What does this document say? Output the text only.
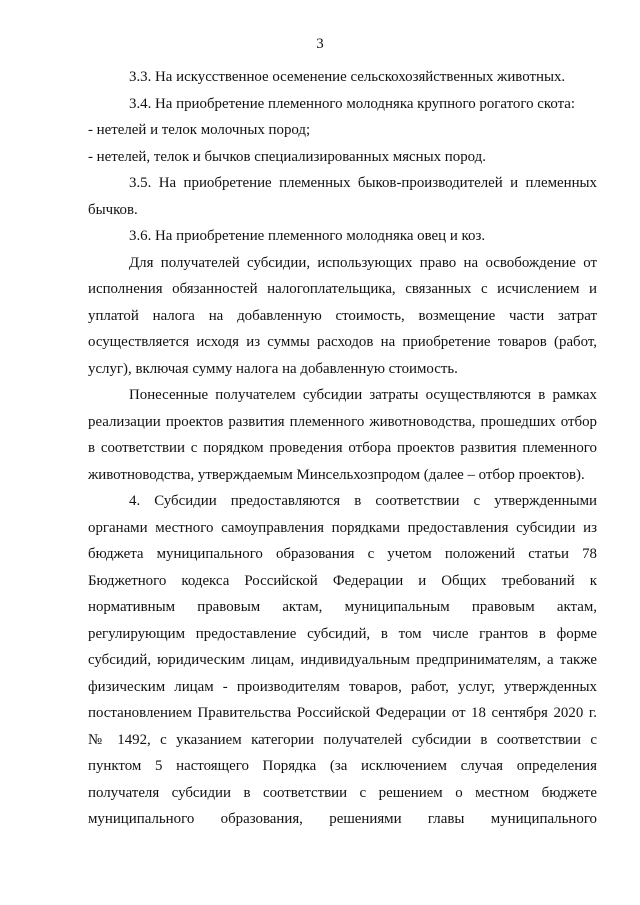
3

3.3. На искусственное осеменение сельскохозяйственных животных.

3.4. На приобретение племенного молодняка крупного рогатого скота:

- нетелей и телок молочных пород;

- нетелей, телок и бычков специализированных мясных пород.

3.5. На приобретение племенных быков-производителей и племенных бычков.

3.6. На приобретение племенного молодняка овец и коз.

Для получателей субсидии, использующих право на освобождение от исполнения обязанностей налогоплательщика, связанных с исчислением и уплатой налога на добавленную стоимость, возмещение части затрат осуществляется исходя из суммы расходов на приобретение товаров (работ, услуг), включая сумму налога на добавленную стоимость.

Понесенные получателем субсидии затраты осуществляются в рамках реализации проектов развития племенного животноводства, прошедших отбор в соответствии с порядком проведения отбора проектов развития племенного животноводства, утверждаемым Минсельхозпродом (далее – отбор проектов).

4. Субсидии предоставляются в соответствии с утвержденными органами местного самоуправления порядками предоставления субсидии из бюджета муниципального образования с учетом положений статьи 78 Бюджетного кодекса Российской Федерации и Общих требований к нормативным правовым актам, муниципальным правовым актам, регулирующим предоставление субсидий, в том числе грантов в форме субсидий, юридическим лицам, индивидуальным предпринимателям, а также физическим лицам - производителям товаров, работ, услуг, утвержденных постановлением Правительства Российской Федерации от 18 сентября 2020 г. № 1492, с указанием категории получателей субсидии в соответствии с пунктом 5 настоящего Порядка (за исключением случая определения получателя субсидии в соответствии с решением о местном бюджете муниципального образования, решениями главы муниципального
